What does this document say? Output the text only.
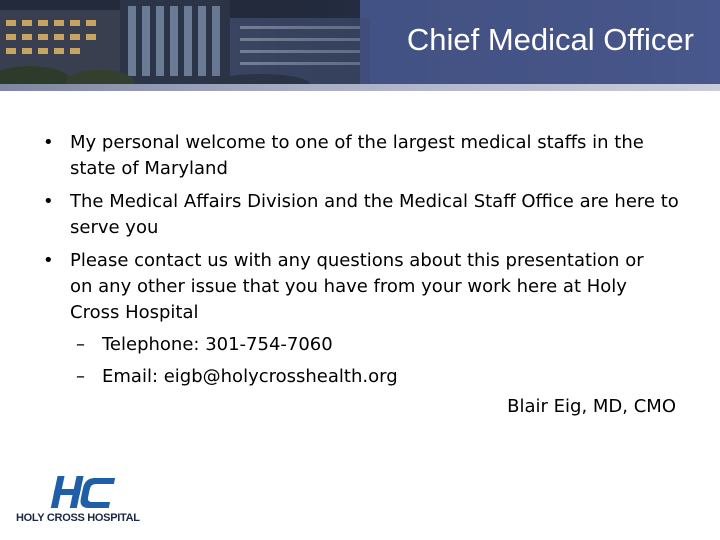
Chief Medical Officer
• My personal welcome to one of the largest medical staffs in the state of Maryland

• The Medical Affairs Division and the Medical Staff Office are here to serve you

• Please contact us with any questions about this presentation or on any other issue that you have from your work here at Holy Cross Hospital

– Telephone: 301-754-7060
– Email: eigb@holycrosshealth.org
Blair Eig, MD, CMO
HOLY CROSS HOSPITAL
